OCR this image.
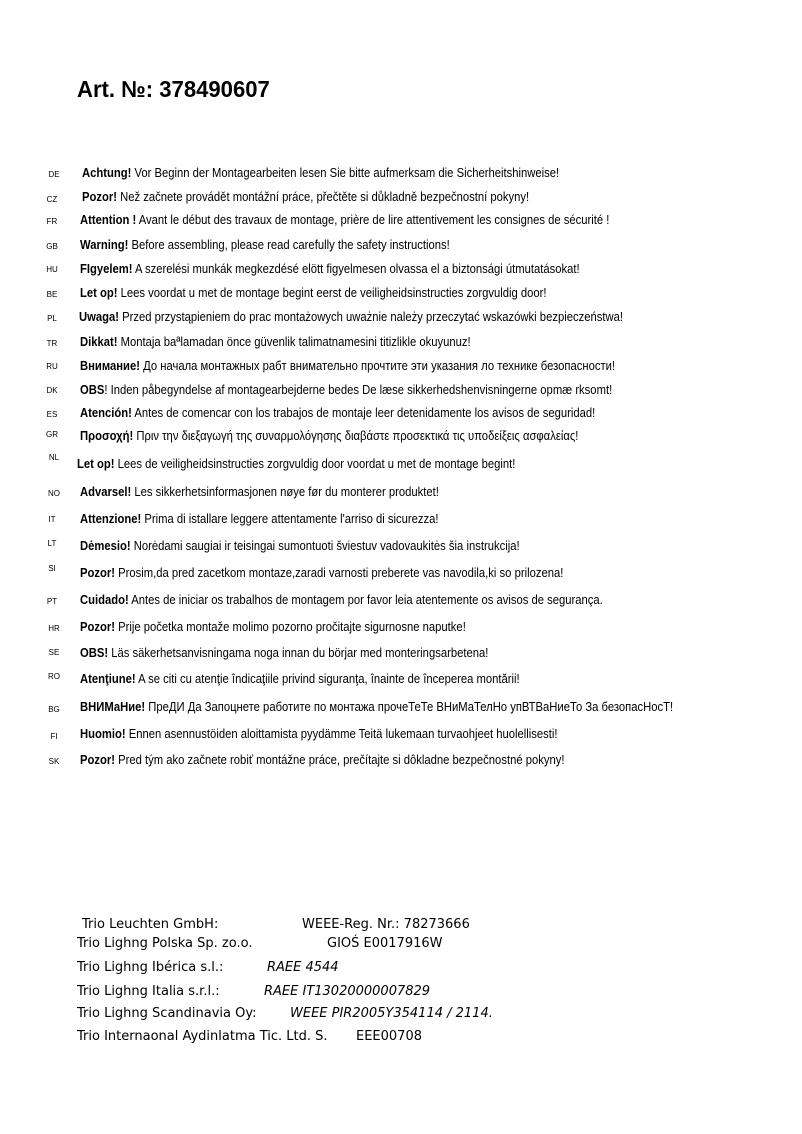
Art. №: 378490607
DE	Achtung! Vor Beginn der Montagearbeiten lesen Sie bitte aufmerksam die Sicherheitshinweise!
CZ	Pozor! Než začnete provádět montážní práce, přečtěte si důkladně bezpečnostní pokyny!
FR	Attention ! Avant le début des travaux de montage, prière de lire attentivement les consignes de sécurité !
GB	Warning! Before assembling, please read carefully the safety instructions!
HU	FIgyelem! A szerelési munkák megkezdésé elött figyelmesen olvassa el a biztonsági útmutatásokat!
BE	Let op! Lees voordat u met de montage begint eerst de veiligheidsinstructies zorgvuldig door!
PL	Uwaga! Przed przystąpieniem do prac montażowych uważnie należy przeczytać wskazówki bezpieczeństwa!
TR	Dikkat! Montaja baªlamadan önce güvenlik talimatnamesini titizlikle okuyunuz!
RU	Внимание! До начала монтажных рабт внимательно прочтите эти указания ло технике безопасности!
DK	OBS! Inden påbegyndelse af montagearbejderne bedes De læse sikkerhedshenvisningerne opmæ rksomt!
ES	Atención! Antes de comencar con los trabajos de montaje leer detenidamente los avisos de seguridad!
GR	Προσοχή! Πριν την διεξαγωγή της συναρμολόγησης διαβάστε προσεκτικά τις υποδείξεις ασφαλείας!
NL	Let op! Lees de veiligheidsinstructies zorgvuldig door voordat u met de montage begint!
NO	Advarsel! Les sikkerhetsinformasjonen nøye før du monterer produktet!
IT	Attenzione! Prima di istallare leggere attentamente l'arriso di sicurezza!
LT	Dėmesio! Norėdami saugiai ir teisingai sumontuoti šviestuv vadovaukitės šia instrukcija!
SI	Pozor! Prosim,da pred zacetkom montaze,zaradi varnosti preberete vas navodila,ki so prilozena!
PT	Cuidado! Antes de iniciar os trabalhos de montagem por favor leia atentemente os avisos de segurança.
HR	Pozor! Prije početka montaže molimo pozorno pročitajte sigurnosne naputke!
SE	OBS! Läs säkerhetsanvisningama noga innan du börjar med monteringsarbetena!
RO	Atenţiune! A se citi cu atenţie îndicaţiile privind siguranţa, înainte de începerea montării!
BG	ВНИМаНие! ПреДИ Да Запоцнете работите по монтажа прочеТеТе ВНиМаТелНо упВТВаНиеТо За безопасНосТ!
FI	Huomio! Ennen asennustöiden aloittamista pyydämme Teitä lukemaan turvaohjeet huolellisesti!
SK	Pozor! Pred tým ako začnete robiť montážne práce, prečítajte si dôkladne bezpečnostné pokyny!
Trio Leuchten GmbH:	WEEE-Reg. Nr.: 78273666
Trio Lighng Polska Sp. zo.o.	GIOŚ E0017916W
Trio Lighng Ibérica s.l.:	RAEE 4544
Trio Lighng Italia s.r.l.:	RAEE IT13020000007829
Trio Lighng Scandinavia Oy:	WEEE PIR2005Y354114 / 2114.
Trio Internaonal Aydinlatma Tic. Ltd. S. EEE00708
